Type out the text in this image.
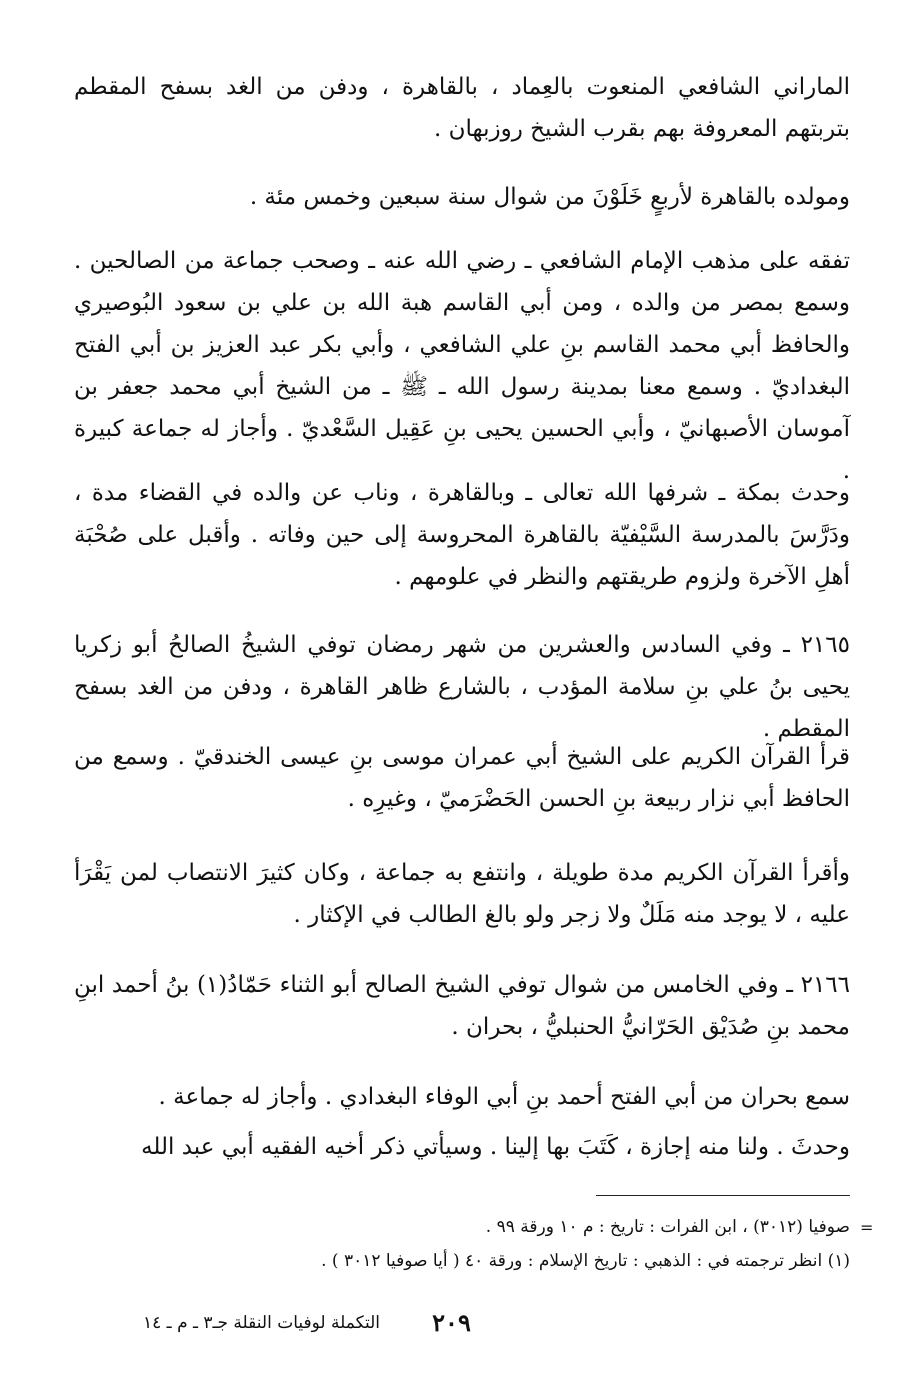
الماراني الشافعي المنعوت بالعِماد ، بالقاهرة ، ودفن من الغد بسفح المقطم بتربتهم المعروفة بهم بقرب الشيخ روزبهان .

ومولده بالقاهرة لأربعٍ خَلَوْنَ من شوال سنة سبعين وخمس مئة .

تفقه على مذهب الإمام الشافعي ـ رضي الله عنه ـ وصحب جماعة من الصالحين . وسمع بمصر من والده ، ومن أبي القاسم هبة الله بن علي بن سعود البُوصيري والحافظ أبي محمد القاسم بنِ علي الشافعي ، وأبي بكر عبد العزيز بن أبي الفتح البغداديّ . وسمع معنا بمدينة رسول الله ـ ﷺ ـ من الشيخ أبي محمد جعفر بن آموسان الأصبهانيّ ، وأبي الحسين يحيى بنِ عَقِيل السَّعْديّ . وأجاز له جماعة كبيرة .

وحدث بمكة ـ شرفها الله تعالى ـ وبالقاهرة ، وناب عن والده في القضاء مدة ، ودَرَّسَ بالمدرسة السَّيْفيّة بالقاهرة المحروسة إلى حين وفاته . وأقبل على صُحْبَة أهلِ الآخرة ولزوم طريقتهم والنظر في علومهم .

٢١٦٥ ـ وفي السادس والعشرين من شهر رمضان توفي الشيخُ الصالحُ أبو زكريا يحيى بنُ علي بنِ سلامة المؤدب ، بالشارع ظاهر القاهرة ، ودفن من الغد بسفح المقطم .

قرأ القرآن الكريم على الشيخ أبي عمران موسى بنِ عيسى الخندقيّ . وسمع من الحافظ أبي نزار ربيعة بنِ الحسن الحَضْرَميّ ، وغيرِه .

وأقرأ القرآن الكريم مدة طويلة ، وانتفع به جماعة ، وكان كثيرَ الانتصاب لمن يَقْرَأ عليه ، لا يوجد منه مَلَلٌ ولا زجر ولو بالغ الطالب في الإكثار .

٢١٦٦ ـ وفي الخامس من شوال توفي الشيخ الصالح أبو الثناء حَمّادُ(١) بنُ أحمد ابنِ محمد بنِ صُدَيْق الحَرّانيُّ الحنبليُّ ، بحران .

سمع بحران من أبي الفتح أحمد بنِ أبي الوفاء البغدادي . وأجاز له جماعة .

وحدثَ . ولنا منه إجازة ، كَتَبَ بها إلينا . وسيأتي ذكر أخيه الفقيه أبي عبد الله

=

صوفيا (٣٠١٢) ، ابن الفرات : تاريخ : م ١٠ ورقة ٩٩ .

(١) انظر ترجمته في : الذهبي : تاريخ الإسلام : ورقة ٤٠ ( أيا صوفيا ٣٠١٢ ) .

٢٠٩
التكملة لوفيات النقلة جـ٣ ـ م ـ ١٤
